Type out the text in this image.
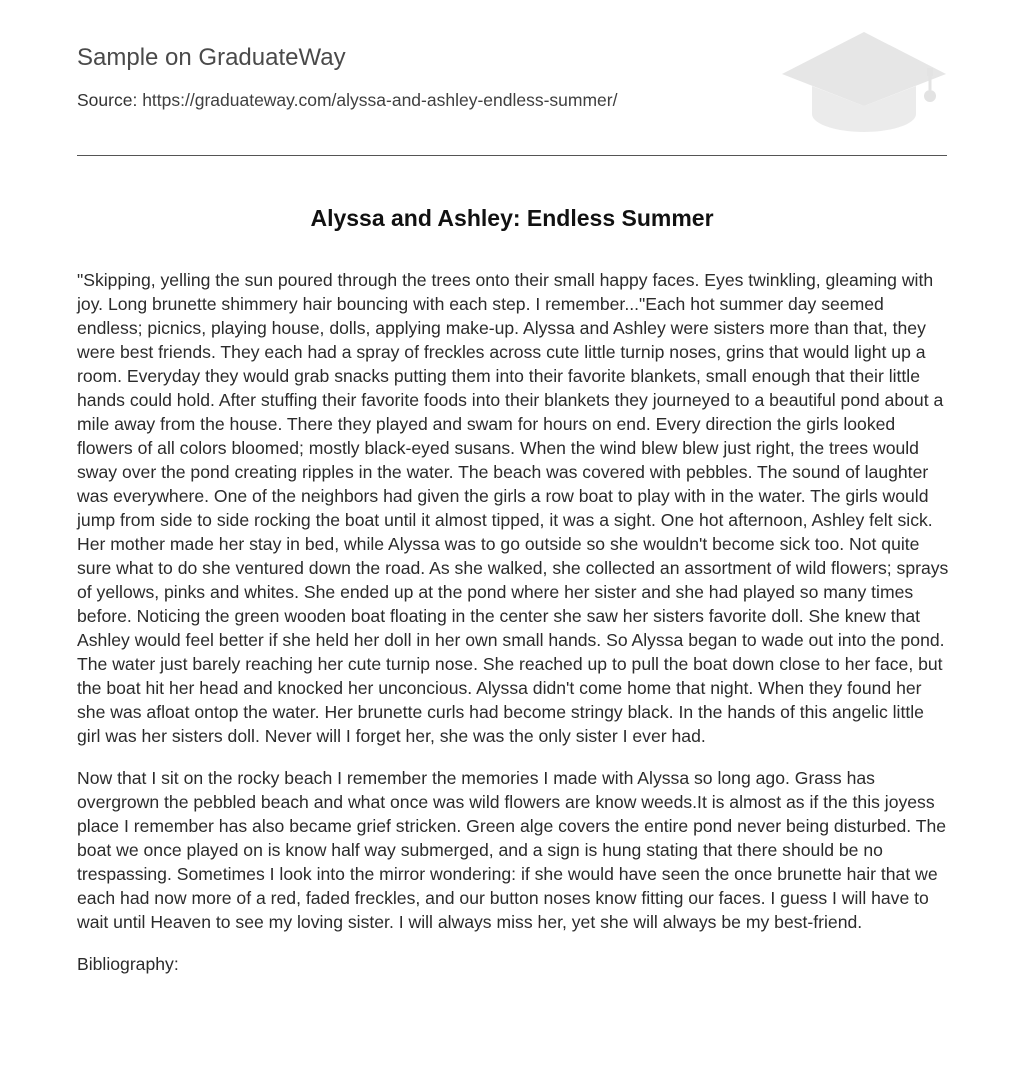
Sample on GraduateWay
Source: https://graduateway.com/alyssa-and-ashley-endless-summer/
Alyssa and Ashley: Endless Summer

"Skipping, yelling the sun poured through the trees onto their small happy faces. Eyes twinkling, gleaming with joy. Long brunette shimmery hair bouncing with each step. I remember..."Each hot summer day seemed endless; picnics, playing house, dolls, applying make-up. Alyssa and Ashley were sisters more than that, they were best friends. They each had a spray of freckles across cute little turnip noses, grins that would light up a room. Everyday they would grab snacks putting them into their favorite blankets, small enough that their little hands could hold. After stuffing their favorite foods into their blankets they journeyed to a beautiful pond about a mile away from the house. There they played and swam for hours on end. Every direction the girls looked flowers of all colors bloomed; mostly black-eyed susans. When the wind blew blew just right, the trees would sway over the pond creating ripples in the water. The beach was covered with pebbles. The sound of laughter was everywhere. One of the neighbors had given the girls a row boat to play with in the water. The girls would jump from side to side rocking the boat until it almost tipped, it was a sight. One hot afternoon, Ashley felt sick. Her mother made her stay in bed, while Alyssa was to go outside so she wouldn't become sick too. Not quite sure what to do she ventured down the road. As she walked, she collected an assortment of wild flowers; sprays of yellows, pinks and whites. She ended up at the pond where her sister and she had played so many times before. Noticing the green wooden boat floating in the center she saw her sisters favorite doll. She knew that Ashley would feel better if she held her doll in her own small hands. So Alyssa began to wade out into the pond. The water just barely reaching her cute turnip nose. She reached up to pull the boat down close to her face, but the boat hit her head and knocked her unconcious. Alyssa didn't come home that night. When they found her she was afloat ontop the water. Her brunette curls had become stringy black. In the hands of this angelic little girl was her sisters doll. Never will I forget her, she was the only sister I ever had.

Now that I sit on the rocky beach I remember the memories I made with Alyssa so long ago. Grass has overgrown the pebbled beach and what once was wild flowers are know weeds.It is almost as if the this joyess place I remember has also became grief stricken. Green alge covers the entire pond never being disturbed. The boat we once played on is know half way submerged, and a sign is hung stating that there should be no trespassing. Sometimes I look into the mirror wondering: if she would have seen the once brunette hair that we each had now more of a red, faded freckles, and our button noses know fitting our faces. I guess I will have to wait until Heaven to see my loving sister. I will always miss her, yet she will always be my best-friend.

Bibliography:
